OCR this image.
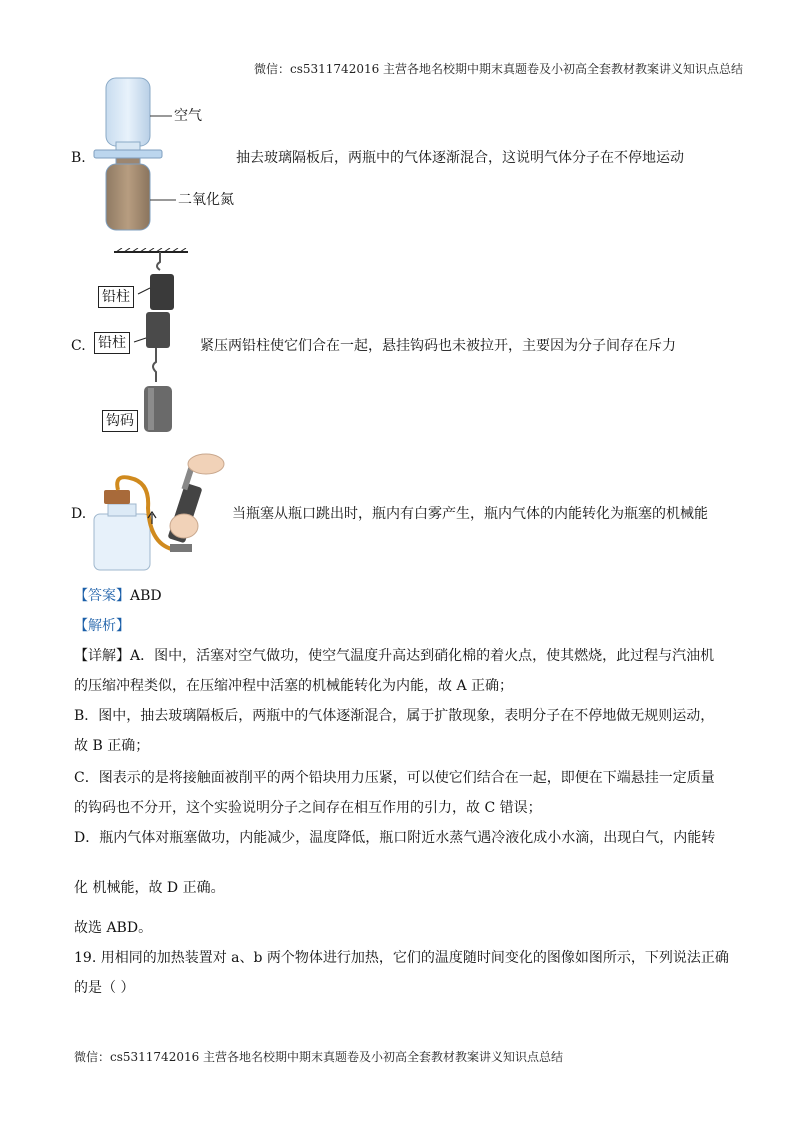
微信：cs5311742016 主营各地名校期中期末真题卷及小初高全套教材教案讲义知识点总结
空气
二氧化氮
B.	抽去玻璃隔板后，两瓶中的气体逐渐混合，这说明气体分子在不停地运动
铅柱
铅柱
钩码
C.	紧压两铅柱使它们合在一起，悬挂钩码也未被拉开，主要因为分子间存在斥力
D.	当瓶塞从瓶口跳出时，瓶内有白雾产生，瓶内气体的内能转化为瓶塞的机械能
【答案】ABD
【解析】
【详解】A．图中，活塞对空气做功，使空气温度升高达到硝化棉的着火点，使其燃烧，此过程与汽油机
的压缩冲程类似，在压缩冲程中活塞的机械能转化为内能，故 A 正确；
B．图中，抽去玻璃隔板后，两瓶中的气体逐渐混合，属于扩散现象，表明分子在不停地做无规则运动，
故 B 正确；
C．图表示的是将接触面被削平的两个铅块用力压紧，可以使它们结合在一起，即便在下端悬挂一定质量
的钩码也不分开，这个实验说明分子之间存在相互作用的引力，故 C 错误；
D．瓶内气体对瓶塞做功，内能减少，温度降低，瓶口附近水蒸气遇冷液化成小水滴，出现白气，内能转
化 机械能，故 D 正确。
故选 ABD。
19. 用相同的加热装置对 a、b 两个物体进行加热，它们的温度随时间变化的图像如图所示，下列说法正确
的是（ ）
微信：cs5311742016 主营各地名校期中期末真题卷及小初高全套教材教案讲义知识点总结
